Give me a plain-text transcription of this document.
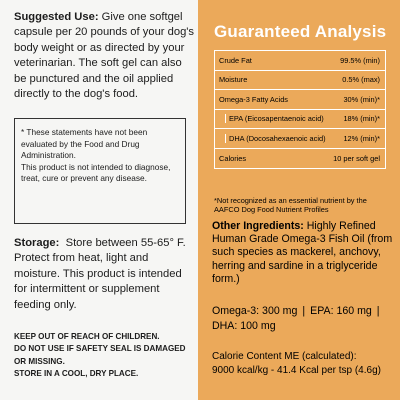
Suggested Use: Give one softgel capsule per 20 pounds of your dog's body weight or as directed by your veterinarian. The soft gel can also be punctured and the oil applied directly to the dog's food.

* These statements have not been evaluated by the Food and Drug Administration.

This product is not intended to diagnose, treat, cure or prevent any disease.

Storage: Store between 55-65° F. Protect from heat, light and moisture. This product is intended for intermittent or supplement feeding only.

KEEP OUT OF REACH OF CHILDREN.

DO NOT USE IF SAFETY SEAL IS DAMAGED OR MISSING.

STORE IN A COOL, DRY PLACE.

Guaranteed Analysis
Crude Fat	99.5% (min)
Moisture	0.5% (max)
Omega-3 Fatty Acids	30% (min)*
EPA (Eicosapentaenoic acid)	18% (min)*
DHA (Docosahexaenoic acid) 12% (min)*
Calories	10 per soft gel

*Not recognized as an essential nutrient by the AAFCO Dog Food Nutrient Profiles

Other Ingredients: Highly Refined Human Grade Omega-3 Fish Oil (from such species as mackerel, anchovy, herring and sardine in a triglyceride form.)

Omega-3: 300 mg | EPA: 160 mg |
DHA: 100 mg

Calorie Content ME (calculated):

9000 kcal/kg - 41.4 Kcal per tsp (4.6g)
